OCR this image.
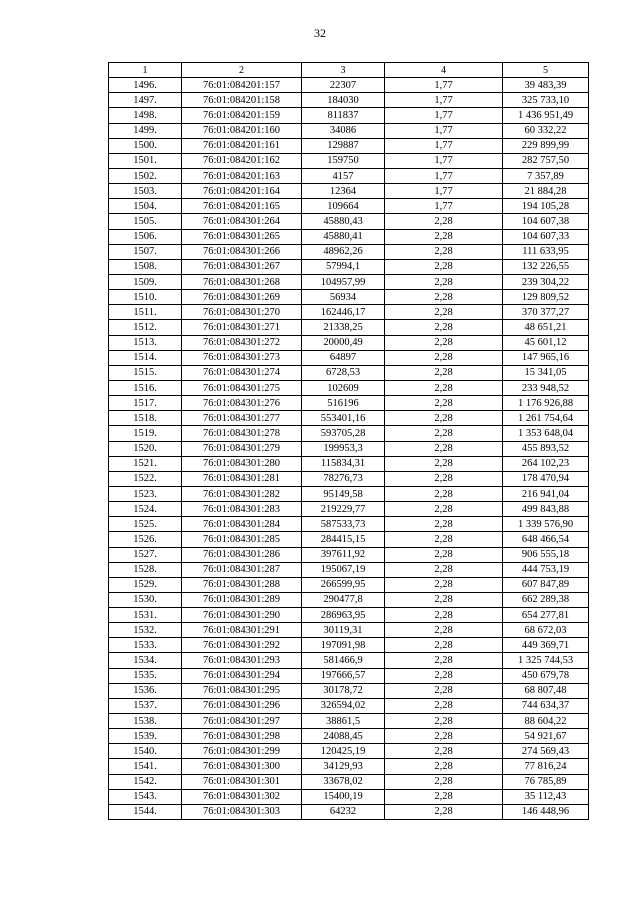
32
1	2	3	4	5
1496.	76:01:084201:157	22307	1,77	39 483,39
1497.	76:01:084201:158	184030	1,77	325 733,10
1498.	76:01:084201:159	811837	1,77	1 436 951,49
1499.	76:01:084201:160	34086	1,77	60 332,22
1500.	76:01:084201:161	129887	1,77	229 899,99
1501.	76:01:084201:162	159750	1,77	282 757,50
1502.	76:01:084201:163	4157	1,77	7 357,89
1503.	76:01:084201:164	12364	1,77	21 884,28
1504.	76:01:084201:165	109664	1,77	194 105,28
1505.	76:01:084301:264	45880,43	2,28	104 607,38
1506.	76:01:084301:265	45880,41	2,28	104 607,33
1507.	76:01:084301:266	48962,26	2,28	111 633,95
1508.	76:01:084301:267	57994,1	2,28	132 226,55
1509.	76:01:084301:268	104957,99	2,28	239 304,22
1510.	76:01:084301:269	56934	2,28	129 809,52
1511.	76:01:084301:270	162446,17	2,28	370 377,27
1512.	76:01:084301:271	21338,25	2,28	48 651,21
1513.	76:01:084301:272	20000,49	2,28	45 601,12
1514.	76:01:084301:273	64897	2,28	147 965,16
1515.	76:01:084301:274	6728,53	2,28	15 341,05
1516.	76:01:084301:275	102609	2,28	233 948,52
1517.	76:01:084301:276	516196	2,28	1 176 926,88
1518.	76:01:084301:277	553401,16	2,28	1 261 754,64
1519.	76:01:084301:278	593705,28	2,28	1 353 648,04
1520.	76:01:084301:279	199953,3	2,28	455 893,52
1521.	76:01:084301:280	115834,31	2,28	264 102,23
1522.	76:01:084301:281	78276,73	2,28	178 470,94
1523.	76:01:084301:282	95149,58	2,28	216 941,04
1524.	76:01:084301:283	219229,77	2,28	499 843,88
1525.	76:01:084301:284	587533,73	2,28	1 339 576,90
1526.	76:01:084301:285	284415,15	2,28	648 466,54
1527.	76:01:084301:286	397611,92	2,28	906 555,18
1528.	76:01:084301:287	195067,19	2,28	444 753,19
1529.	76:01:084301:288	266599,95	2,28	607 847,89
1530.	76:01:084301:289	290477,8	2,28	662 289,38
1531.	76:01:084301:290	286963,95	2,28	654 277,81
1532.	76:01:084301:291	30119,31	2,28	68 672,03
1533.	76:01:084301:292	197091,98	2,28	449 369,71
1534.	76:01:084301:293	581466,9	2,28	1 325 744,53
1535.	76:01:084301:294	197666,57	2,28	450 679,78
1536.	76:01:084301:295	30178,72	2,28	68 807,48
1537.	76:01:084301:296	326594,02	2,28	744 634,37
1538.	76:01:084301:297	38861,5	2,28	88 604,22
1539.	76:01:084301:298	24088,45	2,28	54 921,67
1540.	76:01:084301:299	120425,19	2,28	274 569,43
1541.	76:01:084301:300	34129,93	2,28	77 816,24
1542.	76:01:084301:301	33678,02	2,28	76 785,89
1543.	76:01:084301:302	15400,19	2,28	35 112,43
1544.	76:01:084301:303	64232	2,28	146 448,96
